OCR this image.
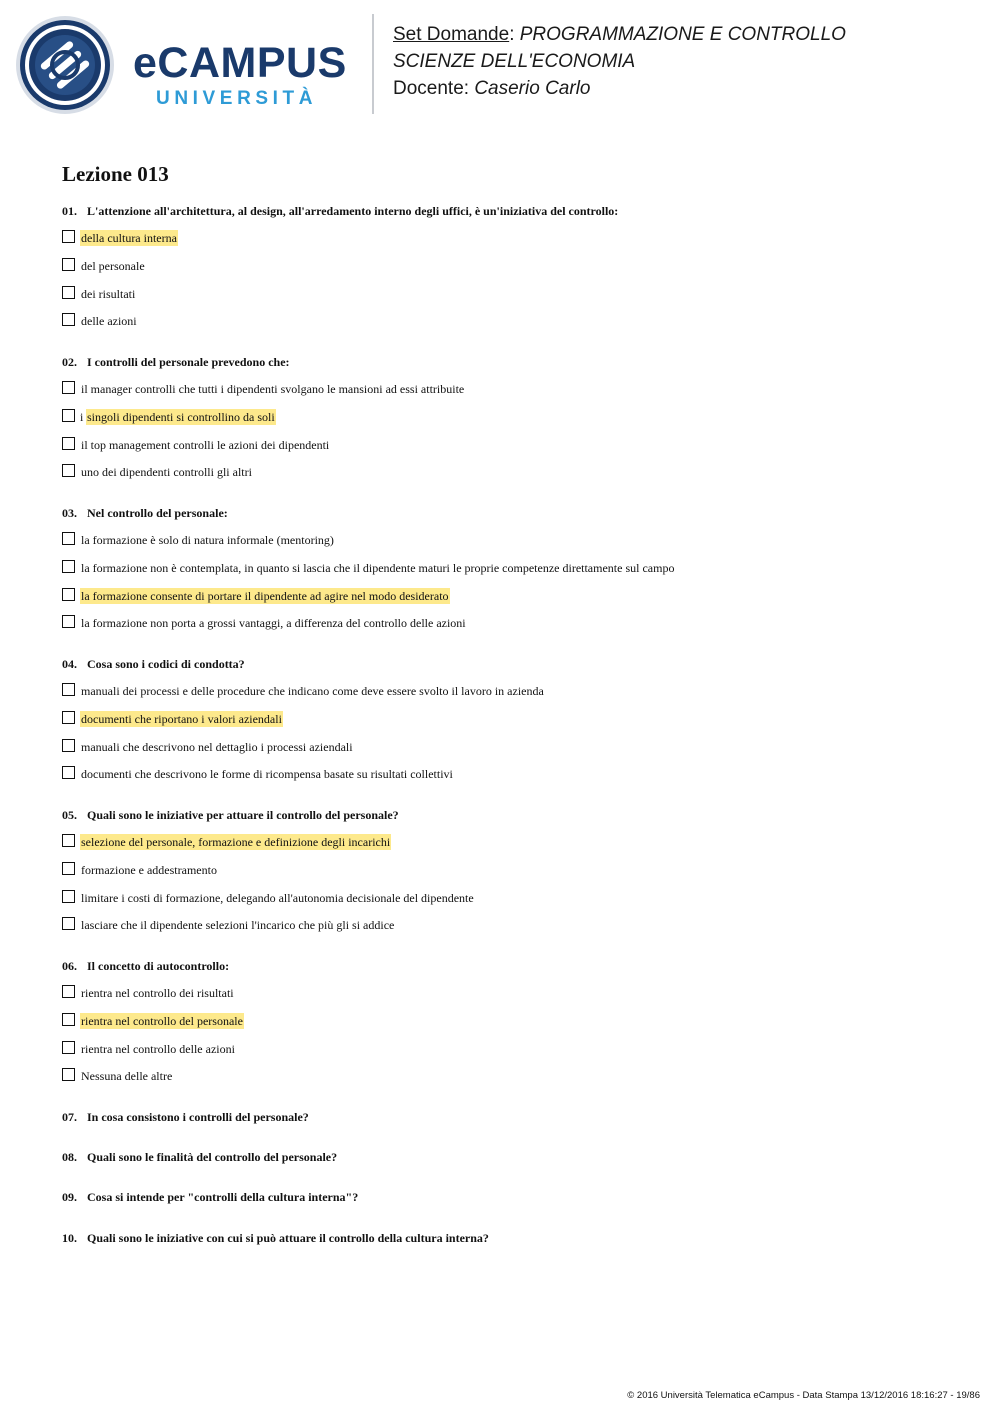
eCAMPUS
UNIVERSITÀ
Set Domande: PROGRAMMAZIONE E CONTROLLO
SCIENZE DELL'ECONOMIA
Docente: Caserio Carlo
Lezione 013
01. L'attenzione all'architettura, al design, all'arredamento interno degli uffici, è un'iniziativa del controllo:
della cultura interna
del personale
dei risultati
delle azioni
02. I controlli del personale prevedono che:
il manager controlli che tutti i dipendenti svolgano le mansioni ad essi attribuite
i singoli dipendenti si controllino da soli
il top management controlli le azioni dei dipendenti
uno dei dipendenti controlli gli altri
03. Nel controllo del personale:
la formazione è solo di natura informale (mentoring)
la formazione non è contemplata, in quanto si lascia che il dipendente maturi le proprie competenze direttamente sul campo
la formazione consente di portare il dipendente ad agire nel modo desiderato
la formazione non porta a grossi vantaggi, a differenza del controllo delle azioni
04. Cosa sono i codici di condotta?
manuali dei processi e delle procedure che indicano come deve essere svolto il lavoro in azienda
documenti che riportano i valori aziendali
manuali che descrivono nel dettaglio i processi aziendali
documenti che descrivono le forme di ricompensa basate su risultati collettivi
05. Quali sono le iniziative per attuare il controllo del personale?
selezione del personale, formazione e definizione degli incarichi
formazione e addestramento
limitare i costi di formazione, delegando all'autonomia decisionale del dipendente
lasciare che il dipendente selezioni l'incarico che più gli si addice
06. Il concetto di autocontrollo:
rientra nel controllo dei risultati
rientra nel controllo del personale
rientra nel controllo delle azioni
Nessuna delle altre
07. In cosa consistono i controlli del personale?
08. Quali sono le finalità del controllo del personale?
09. Cosa si intende per "controlli della cultura interna"?
10. Quali sono le iniziative con cui si può attuare il controllo della cultura interna?
© 2016 Università Telematica eCampus - Data Stampa 13/12/2016 18:16:27 - 19/86
